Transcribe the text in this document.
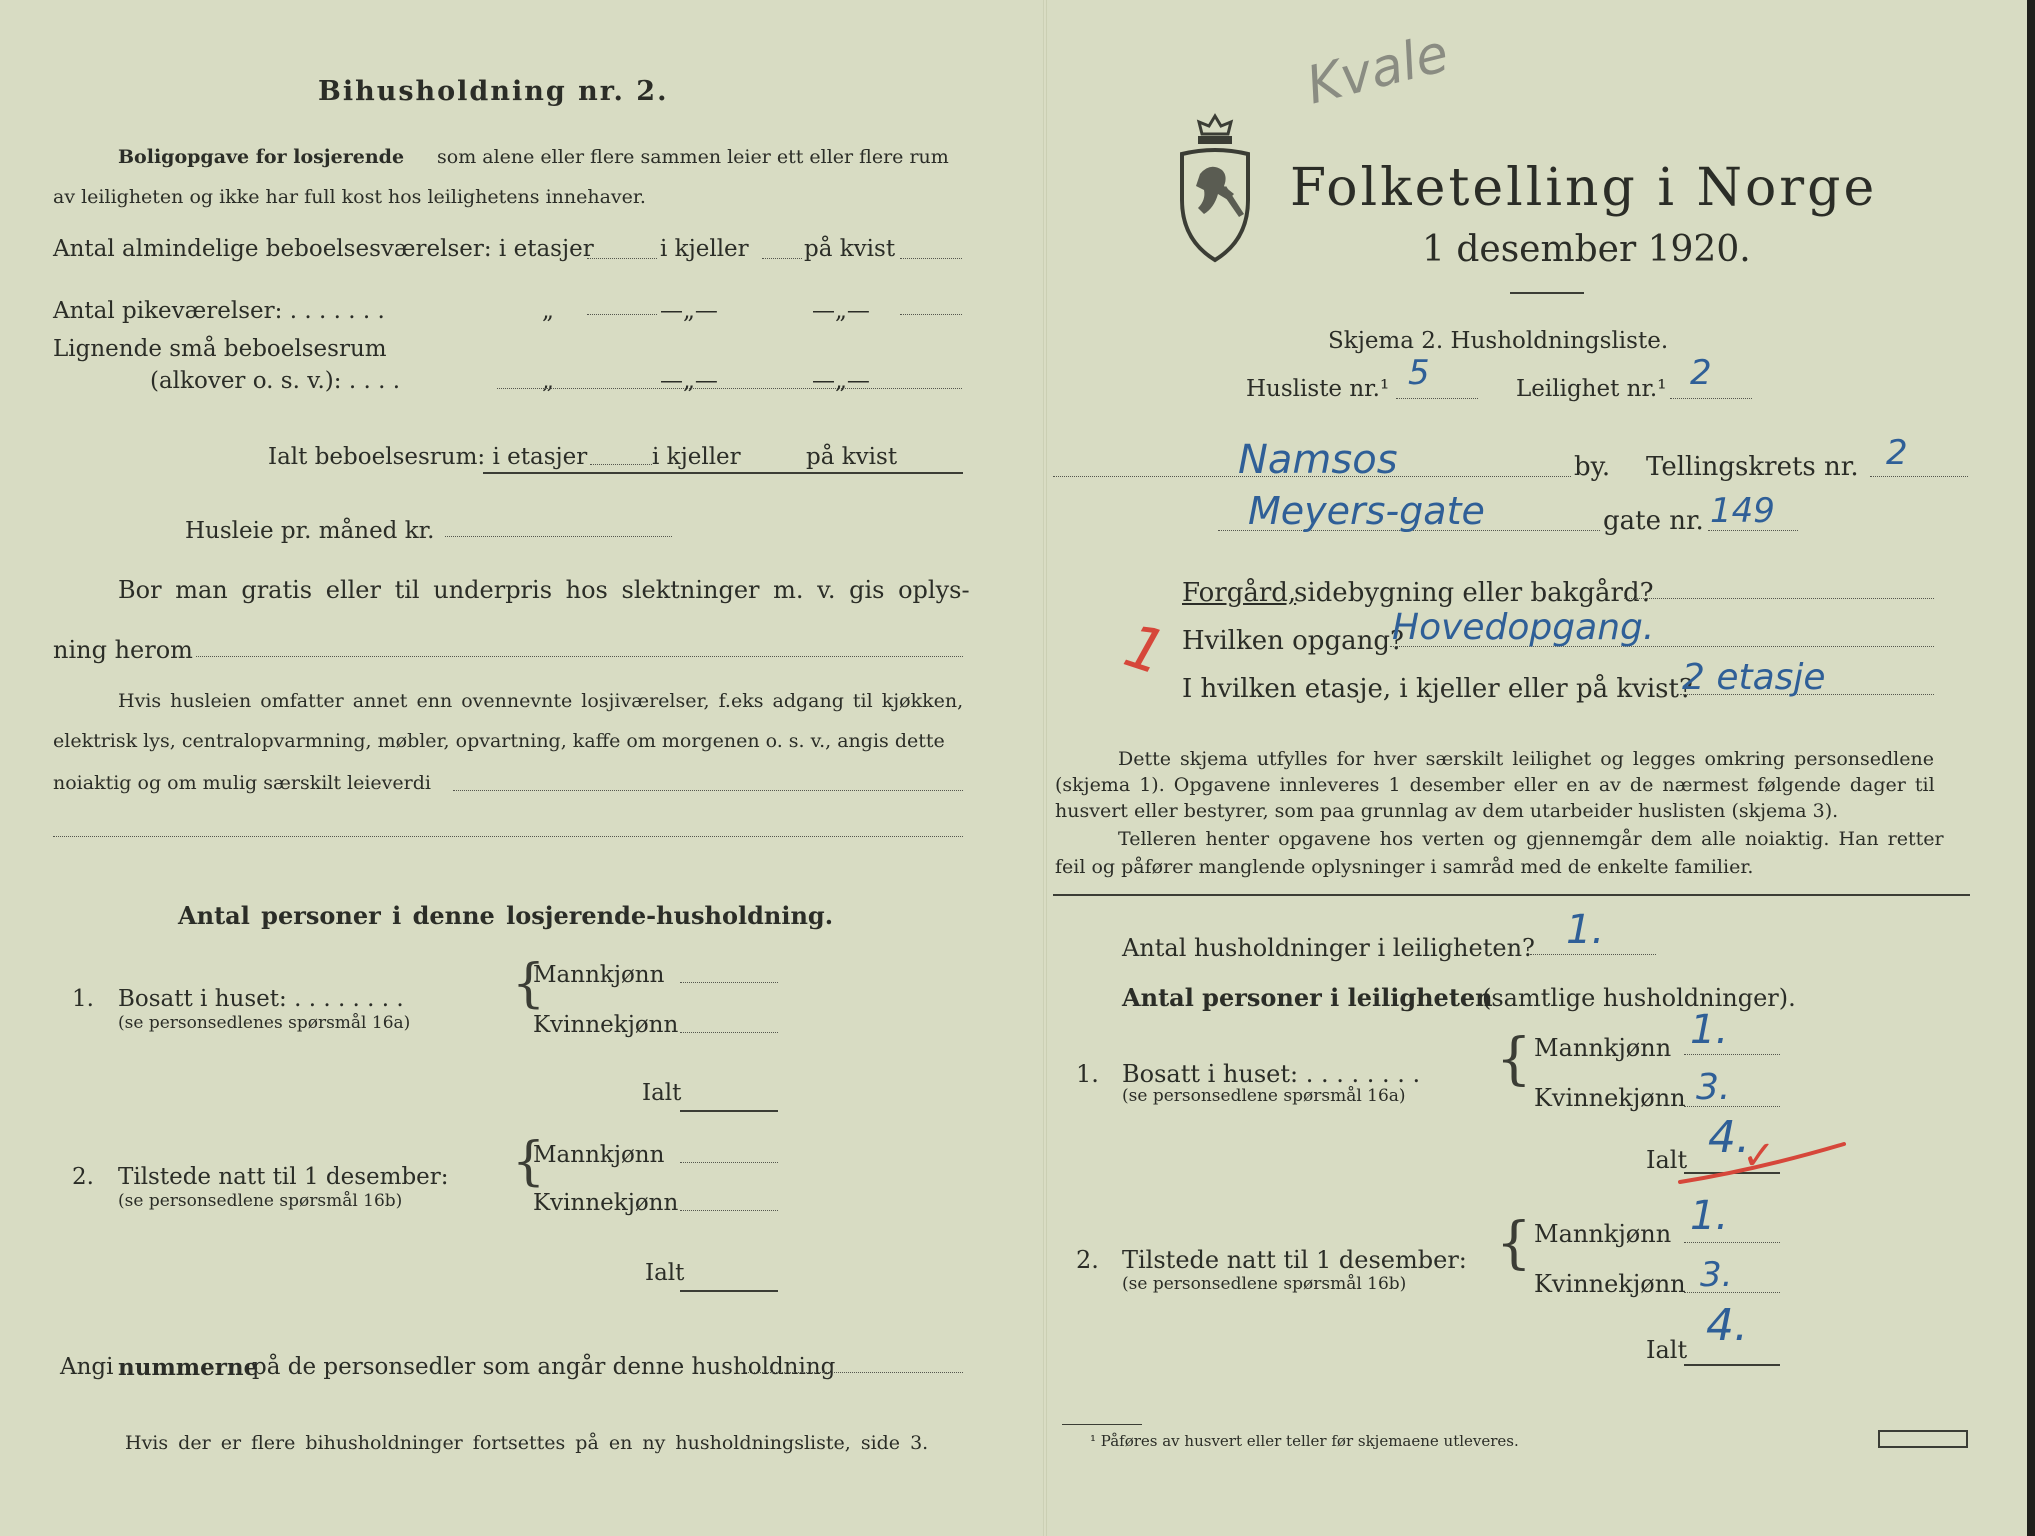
Bihusholdning nr. 2.
Boligopgave for losjerende som alene eller flere sammen leier ett eller flere rum
av leiligheten og ikke har full kost hos leilighetens innehaver.
Antal almindelige beboelsesværelser: i etasjer	i kjeller på kvist
Antal pikeværelser: . . . . . . .	„	—„—	—„—
Lignende små beboelsesrum
(alkover o. s. v.): . . . .	„	—„—	—„—
Ialt beboelsesrum: i etasjer	i kjeller	på kvist
Husleie pr. måned kr.
Bor man gratis eller til underpris hos slektninger m. v. gis oplys-
ning herom
Hvis husleien omfatter annet enn ovennevnte losjiværelser, f.eks adgang til kjøkken,
elektrisk lys, centralopvarmning, møbler, opvartning, kaffe om morgenen o. s. v., angis dette
noiaktig og om mulig særskilt leieverdi
Antal personer i denne losjerende-husholdning.
1. Bosatt i huset: . . . . . . . .
(se personsedlenes spørsmål 16a)
{
Mannkjønn
Kvinnekjønn
Ialt
2. Tilstede natt til 1 desember:
(se personsedlene spørsmål 16b)
{
Mannkjønn
Kvinnekjønn
Ialt
Angi nummerne
på de personsedler som angår denne husholdning
Hvis der er flere bihusholdninger fortsettes på en ny husholdningsliste, side 3.
Folketelling i Norge
1 desember 1920.
Skjema 2. Husholdningsliste.
Husliste nr.¹ 5	Leilighet nr.¹ 2
Namsos	by. Tellingskrets nr. 2
Meyers-gate	gate nr. 149
Forgård,
sidebygning eller bakgård?
1 Hvilken opgang?
Hovedopgang.
I hvilken etasje, i kjeller eller på kvist?
2 etasje
Dette skjema utfylles for hver særskilt leilighet og legges omkring personsedlene
(skjema 1). Opgavene innleveres 1 desember eller en av de nærmest følgende dager til
husvert eller bestyrer, som paa grunnlag av dem utarbeider huslisten (skjema 3).
Telleren henter opgavene hos verten og gjennemgår dem alle noiaktig. Han retter
feil og påfører manglende oplysninger i samråd med de enkelte familier.
Antal husholdninger i leiligheten? 1.
Antal personer i leiligheten
(samtlige husholdninger).
1. Bosatt i huset: . . . . . . . .
(se personsedlene spørsmål 16a)
{ Mannkjønn 1.
Kvinnekjønn 3.
Ialt 4.
✓
2. Tilstede natt til 1 desember:
(se personsedlene spørsmål 16b)
{ Mannkjønn 1.
Kvinnekjønn 3.
Ialt 4.
¹ Påføres av husvert eller teller før skjemaene utleveres.
Kvale
